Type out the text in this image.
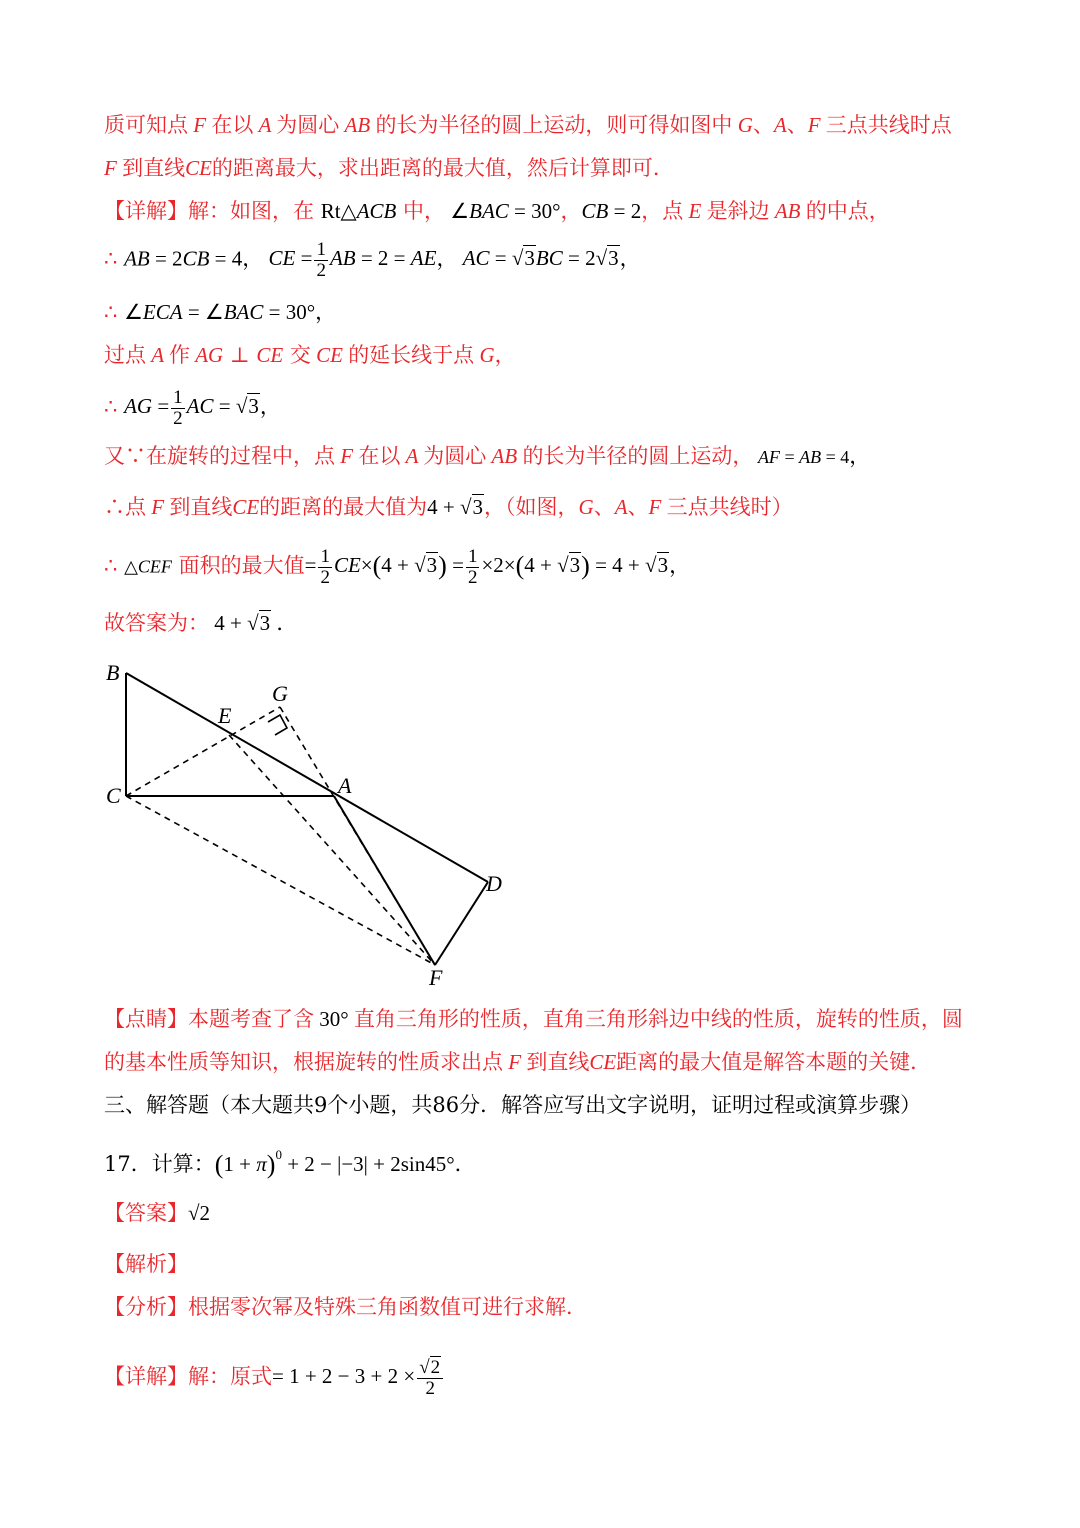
质可知点 F 在以 A 为圆心 AB 的长为半径的圆上运动，则可得如图中 G、A、F 三点共线时点
F 到直线CE的距离最大，求出距离的最大值，然后计算即可．
【详解】解：如图，在 Rt△ACB 中， ∠BAC = 30°，CB = 2，点 E 是斜边 AB 的中点，
∴ AB = 2CB = 4， CE = $\frac{1}{2}$ AB = 2 = AE， AC = √3BC = 2√3，
∴ ∠ECA = ∠BAC = 30°，
过点 A 作 AG ⊥ CE 交 CE 的延长线于点 G，
∴ AG = $\frac{1}{2}$ AC = √3，
又∵在旋转的过程中，点 F 在以 A 为圆心 AB 的长为半径的圆上运动， AF = AB = 4，
∴点 F 到直线CE的距离的最大值为4 + √3，（如图，G、A、F 三点共线时）
∴ △CEF 面积的最大值= $\frac{1}{2} CE\times(4 + √3) = \frac{1}{2} \times 2\times(4 + √3) = 4 + √3$，
故答案为： 4 + √3 ．
B
G
E
C	A
D
F
【点睛】本题考查了含 30° 直角三角形的性质，直角三角形斜边中线的性质，旋转的性质，圆
的基本性质等知识，根据旋转的性质求出点 F 到直线CE距离的最大值是解答本题的关键．
三、解答题（本大题共9个小题，共86分．解答应写出文字说明，证明过程或演算步骤）
17．计算：$(1 + \pi)^0 + 2 - |-3| + 2\sin 45^\circ$．
【答案】√2
【解析】
【分析】根据零次幂及特殊三角函数值可进行求解．
【详解】解：原式= $1 + 2 - 3 + 2 \times \frac{√2}{2}$
